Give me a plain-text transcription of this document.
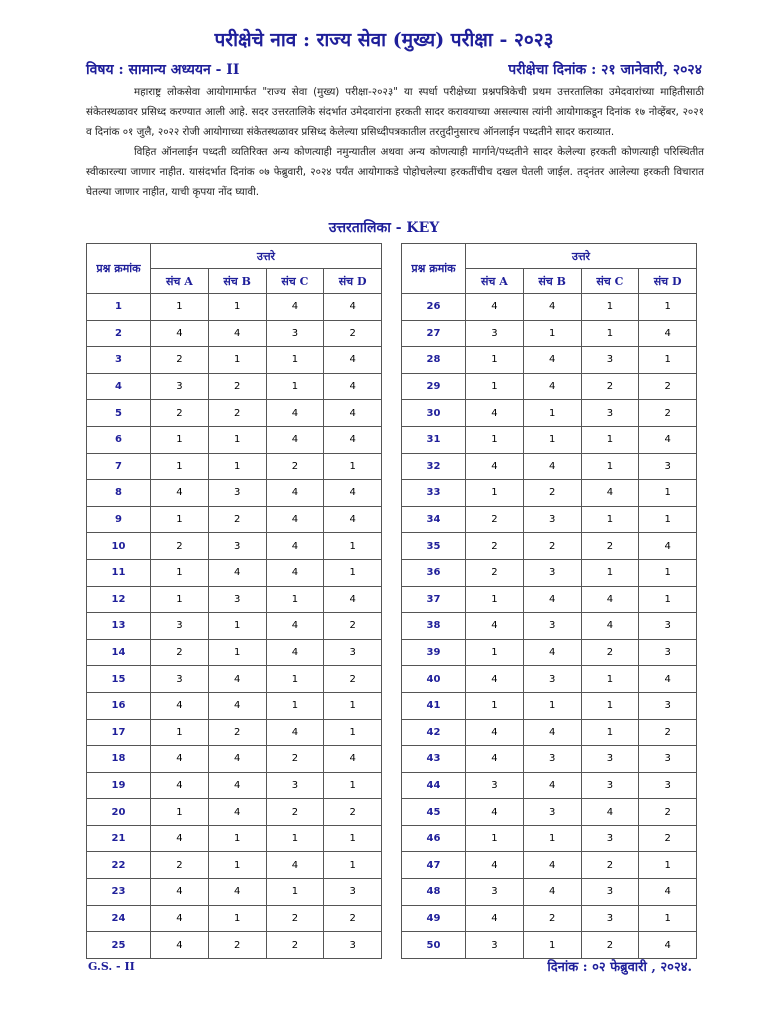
परीक्षेचे नाव : राज्य सेवा (मुख्य) परीक्षा - २०२३
विषय : सामान्य अध्ययन - II	परीक्षेचा दिनांक : २१ जानेवारी, २०२४

महाराष्ट्र लोकसेवा आयोगामार्फत "राज्य सेवा (मुख्य) परीक्षा-२०२३" या स्पर्धा परीक्षेच्या प्रश्नपत्रिकेची प्रथम उत्तरतालिका उमेदवारांच्या माहितीसाठी संकेतस्थळावर प्रसिध्द करण्यात आली आहे. सदर उत्तरतालिके संदर्भात उमेदवारांना हरकती सादर करावयाच्या असल्यास त्यांनी आयोगाकडून दिनांक १७ नोव्हेंबर, २०२१ व दिनांक ०१ जुलै, २०२२ रोजी आयोगाच्या संकेतस्थळावर प्रसिध्द केलेल्या प्रसिध्दीपत्रकातील तरतुदीनुसारच ऑनलाईन पध्दतीने सादर कराव्यात.

विहित ऑनलाईन पध्दती व्यतिरिक्त अन्य कोणत्याही नमुन्यातील अथवा अन्य कोणत्याही मार्गाने/पध्दतीने सादर केलेल्या हरकती कोणत्याही परिस्थितीत स्वीकारल्या जाणार नाहीत. यासंदर्भात दिनांक ०७ फेब्रुवारी, २०२४ पर्यंत आयोगाकडे पोहोचलेल्या हरकतींचीच दखल घेतली जाईल. तद्नंतर आलेल्या हरकती विचारात घेतल्या जाणार नाहीत, याची कृपया नोंद घ्यावी.

उत्तरतालिका - KEY
प्रश्न क्रमांक	उत्तरे			
	संच A	संच B	संच C	संच D
1	1	1	4	4
2	4	4	3	2
3	2	1	1	4
4	3	2	1	4
5	2	2	4	4
6	1	1	4	4
7	1	1	2	1
8	4	3	4	4
9	1	2	4	4
10	2	3	4	1
11	1	4	4	1
12	1	3	1	4
13	3	1	4	2
14	2	1	4	3
15	3	4	1	2
16	4	4	1	1
17	1	2	4	1
18	4	4	2	4
19	4	4	3	1
20	1	4	2	2
21	4	1	1	1
22	2	1	4	1
23	4	4	1	3
24	4	1	2	2
25	4	2	2	3
प्रश्न क्रमांक	उत्तरे			
	संच A	संच B	संच C	संच D
26	4	4	1	1
27	3	1	1	4
28	1	4	3	1
29	1	4	2	2
30	4	1	3	2
31	1	1	1	4
32	4	4	1	3
33	1	2	4	1
34	2	3	1	1
35	2	2	2	4
36	2	3	1	1
37	1	4	4	1
38	4	3	4	3
39	1	4	2	3
40	4	3	1	4
41	1	1	1	3
42	4	4	1	2
43	4	3	3	3
44	3	4	3	3
45	4	3	4	2
46	1	1	3	2
47	4	4	2	1
48	3	4	3	4
49	4	2	3	1
50	3	1	2	4
G.S. - II	दिनांक : ०२ फेब्रुवारी , २०२४.
